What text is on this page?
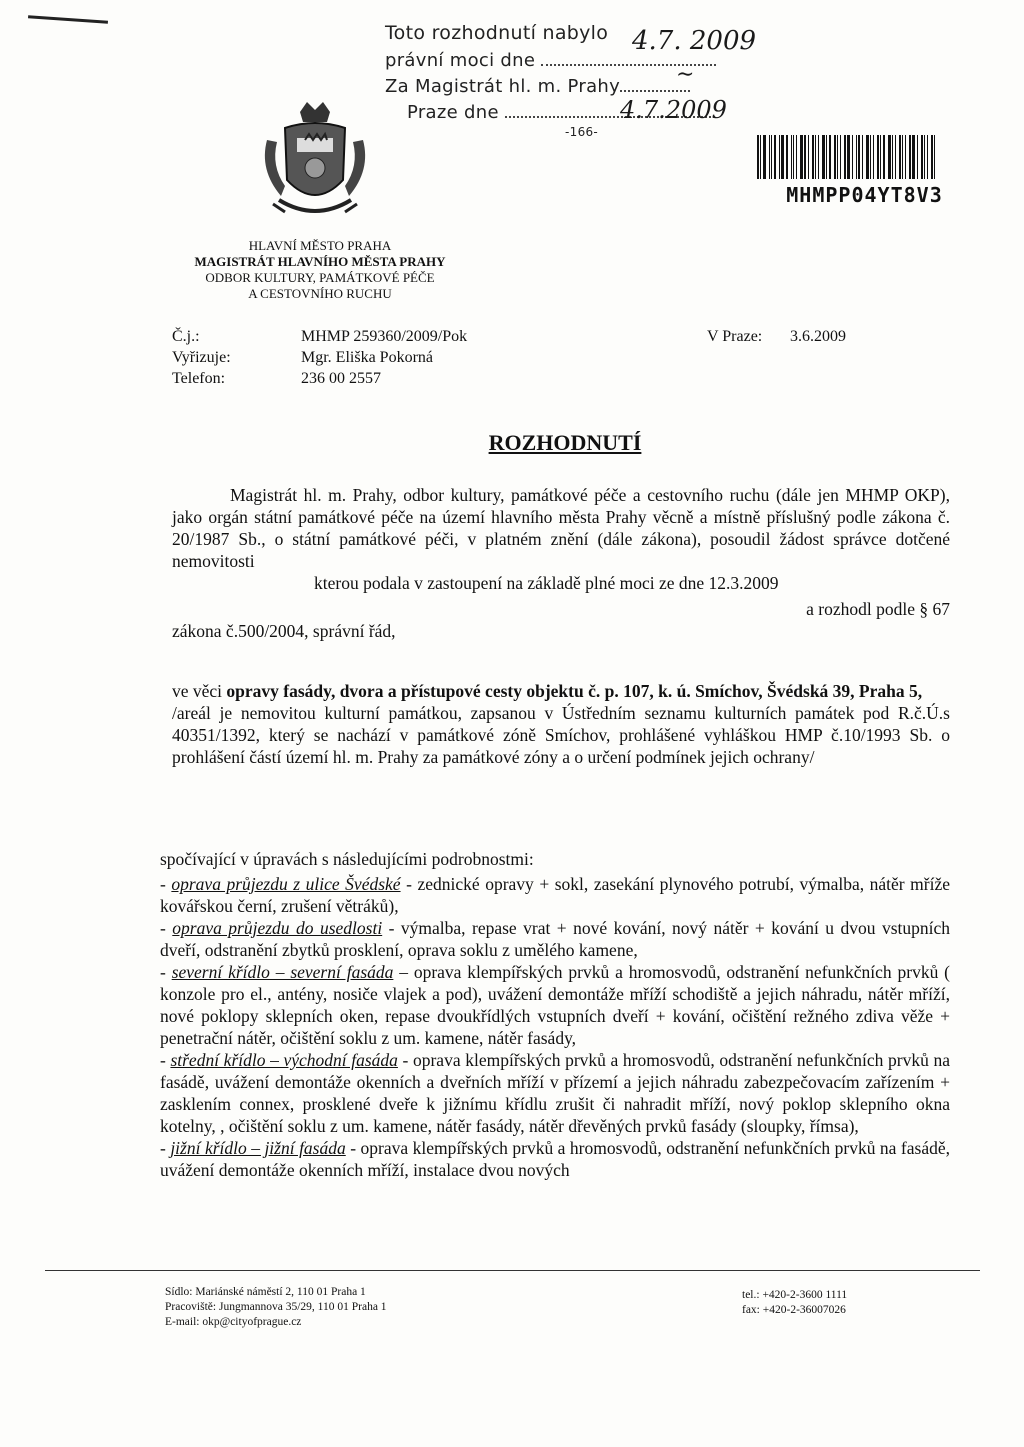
Toto rozhodnutí nabylo
právní moci dne
Za Magistrát hl. m. Prahy
Praze dne
-166-
4.7. 2009
∼
4.7.2009
MHMPP04YT8V3
HLAVNÍ MĚSTO PRAHA
MAGISTRÁT HLAVNÍHO MĚSTA PRAHY
ODBOR KULTURY, PAMÁTKOVÉ PÉČE
A CESTOVNÍHO RUCHU
Č.j.:	MHMP 259360/2009/Pok	V Praze: 3.6.2009
Vyřizuje:	Mgr. Eliška Pokorná
Telefon:	236 00 2557
ROZHODNUTÍ
Magistrát hl. m. Prahy, odbor kultury, památkové péče a cestovního ruchu (dále jen MHMP OKP), jako orgán státní památkové péče na území hlavního města Prahy věcně a místně příslušný podle zákona č. 20/1987 Sb., o státní památkové péči, v platném znění (dále zákona), posoudil žádost správce dotčené nemovitosti
kterou podala v zastoupení na základě plné moci ze dne 12.3.2009
a rozhodl podle § 67
zákona č.500/2004, správní řád,
ve věci opravy fasády, dvora a přístupové cesty objektu č. p. 107, k. ú. Smíchov, Švédská 39, Praha 5,
/areál je nemovitou kulturní památkou, zapsanou v Ústředním seznamu kulturních památek pod R.č.Ú.s 40351/1392, který se nachází v památkové zóně Smíchov, prohlášené vyhláškou HMP č.10/1993 Sb. o prohlášení částí území hl. m. Prahy za památkové zóny a o určení podmínek jejich ochrany/
spočívající v úpravách s následujícími podrobnostmi:
- oprava průjezdu z ulice Švédské - zednické opravy + sokl, zasekání plynového potrubí, výmalba, nátěr mříže kovářskou černí, zrušení větráků),
- oprava průjezdu do usedlosti - výmalba, repase vrat + nové kování, nový nátěr + kování u dvou vstupních dveří, odstranění zbytků prosklení, oprava soklu z umělého kamene,
- severní křídlo – severní fasáda – oprava klempířských prvků a hromosvodů, odstranění nefunkčních prvků ( konzole pro el., antény, nosiče vlajek a pod), uvážení demontáže mříží schodiště a jejich náhradu, nátěr mříží, nové poklopy sklepních oken, repase dvoukřídlých vstupních dveří + kování, očištění režného zdiva věže + penetrační nátěr, očištění soklu z um. kamene, nátěr fasády,
- střední křídlo – východní fasáda - oprava klempířských prvků a hromosvodů, odstranění nefunkčních prvků na fasádě, uvážení demontáže okenních a dveřních mříží v přízemí a jejich náhradu zabezpečovacím zařízením + zasklením connex, prosklené dveře k jižnímu křídlu zrušit či nahradit mříží, nový poklop sklepního okna kotelny, , očištění soklu z um. kamene, nátěr fasády, nátěr dřevěných prvků fasády (sloupky, římsa),
- jižní křídlo – jižní fasáda - oprava klempířských prvků a hromosvodů, odstranění nefunkčních prvků na fasádě, uvážení demontáže okenních mříží, instalace dvou nových
Sídlo: Mariánské náměstí 2, 110 01 Praha 1
Pracoviště: Jungmannova 35/29, 110 01 Praha 1
E-mail: okp@cityofprague.cz
tel.: +420-2-3600 1111
fax: +420-2-36007026
